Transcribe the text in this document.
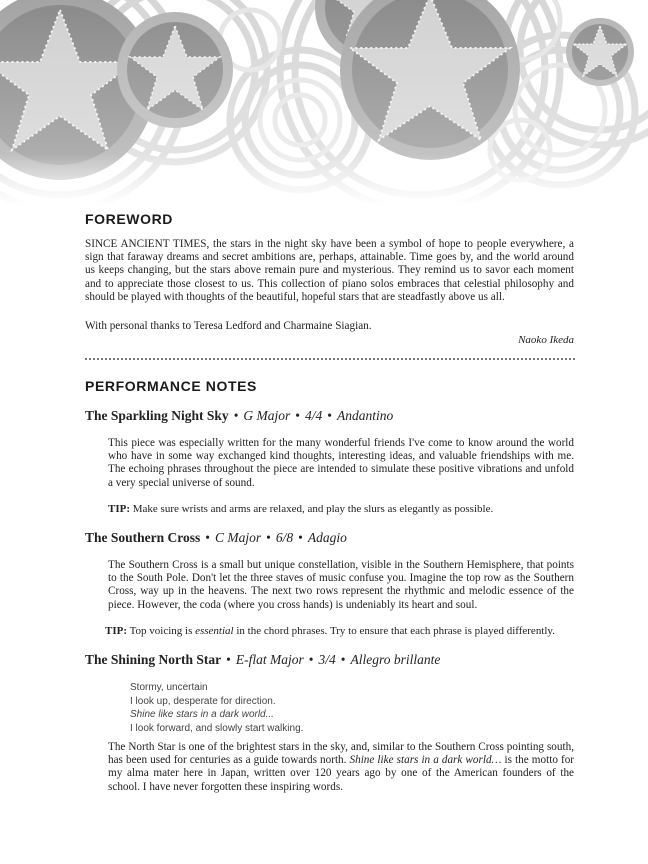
FOREWORD

SINCE ANCIENT TIMES, the stars in the night sky have been a symbol of hope to people everywhere, a sign that faraway dreams and secret ambitions are, perhaps, attainable. Time goes by, and the world around us keeps changing, but the stars above remain pure and mysterious. They remind us to savor each moment and to appreciate those closest to us. This collection of piano solos embraces that celestial philosophy and should be played with thoughts of the beautiful, hopeful stars that are steadfastly above us all.

With personal thanks to Teresa Ledford and Charmaine Siagian.

Naoko Ikeda
PERFORMANCE NOTES

The Sparkling Night Sky • G Major • 4/4 • Andantino

This piece was especially written for the many wonderful friends I've come to know around the world who have in some way exchanged kind thoughts, interesting ideas, and valuable friendships with me. The echoing phrases throughout the piece are intended to simulate these positive vibrations and unfold a very special universe of sound.

TIP: Make sure wrists and arms are relaxed, and play the slurs as elegantly as possible.

The Southern Cross • C Major • 6/8 • Adagio

The Southern Cross is a small but unique constellation, visible in the Southern Hemisphere, that points to the South Pole. Don't let the three staves of music confuse you. Imagine the top row as the Southern Cross, way up in the heavens. The next two rows represent the rhythmic and melodic essence of the piece. However, the coda (where you cross hands) is undeniably its heart and soul.

TIP: Top voicing is essential in the chord phrases. Try to ensure that each phrase is played differently.

The Shining North Star • E-flat Major • 3/4 • Allegro brillante

Stormy, uncertain
I look up, desperate for direction.
Shine like stars in a dark world...
I look forward, and slowly start walking.

The North Star is one of the brightest stars in the sky, and, similar to the Southern Cross pointing south, has been used for centuries as a guide towards north. Shine like stars in a dark world… is the motto for my alma mater here in Japan, written over 120 years ago by one of the American founders of the school. I have never forgotten these inspiring words.
